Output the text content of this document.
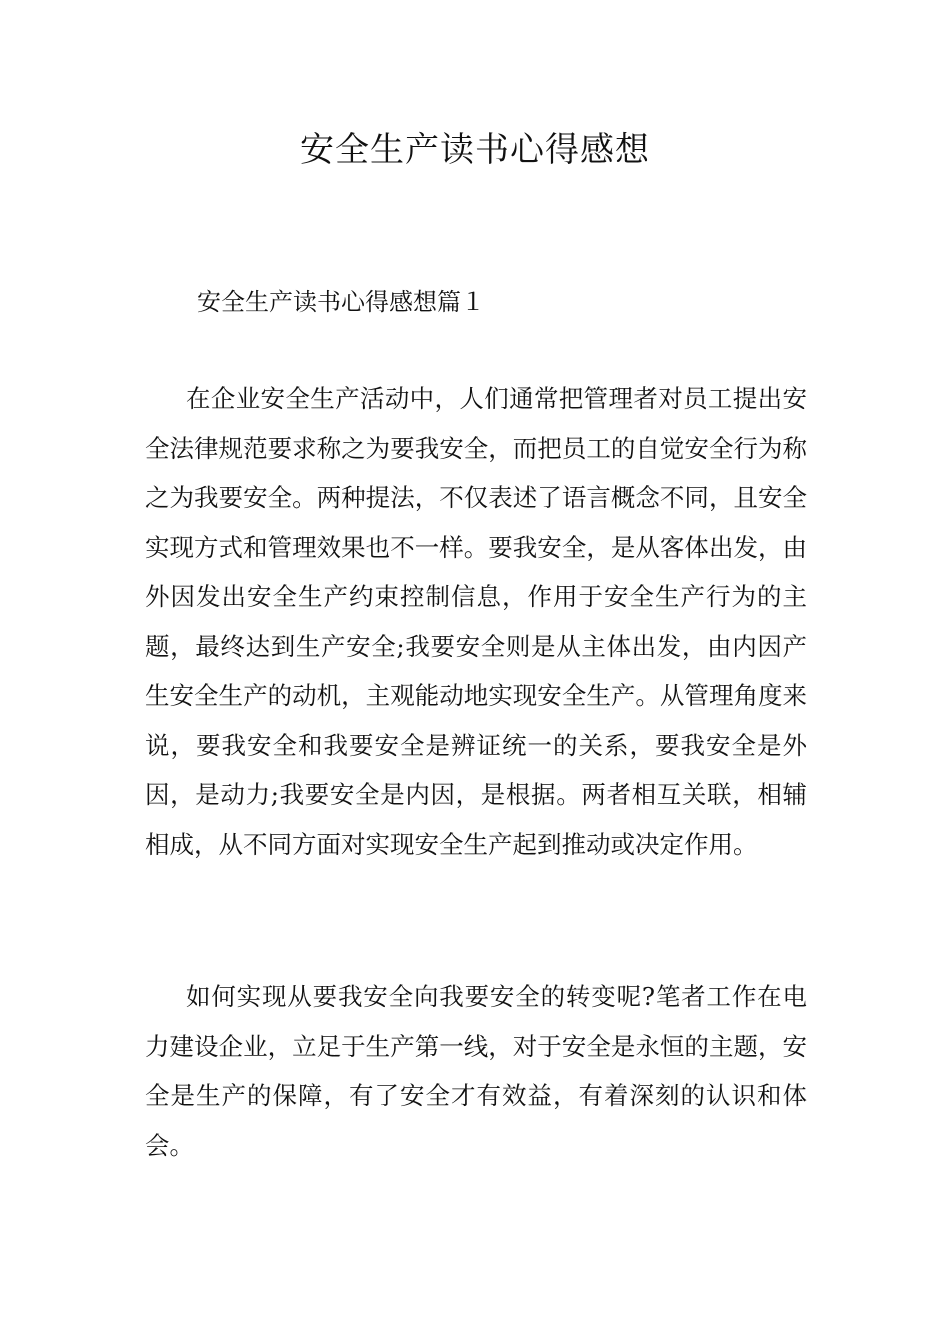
安全生产读书心得感想
安全生产读书心得感想篇１

在企业安全生产活动中，人们通常把管理者对员工提出安全法律规范要求称之为要我安全，而把员工的自觉安全行为称之为我要安全。两种提法，不仅表述了语言概念不同，且安全实现方式和管理效果也不一样。要我安全，是从客体出发，由外因发出安全生产约束控制信息，作用于安全生产行为的主题，最终达到生产安全;我要安全则是从主体出发，由内因产生安全生产的动机，主观能动地实现安全生产。从管理角度来说，要我安全和我要安全是辨证统一的关系，要我安全是外因，是动力;我要安全是内因，是根据。两者相互关联，相辅相成，从不同方面对实现安全生产起到推动或决定作用。

如何实现从要我安全向我要安全的转变呢?笔者工作在电力建设企业，立足于生产第一线，对于安全是永恒的主题，安全是生产的保障，有了安全才有效益，有着深刻的认识和体会。
